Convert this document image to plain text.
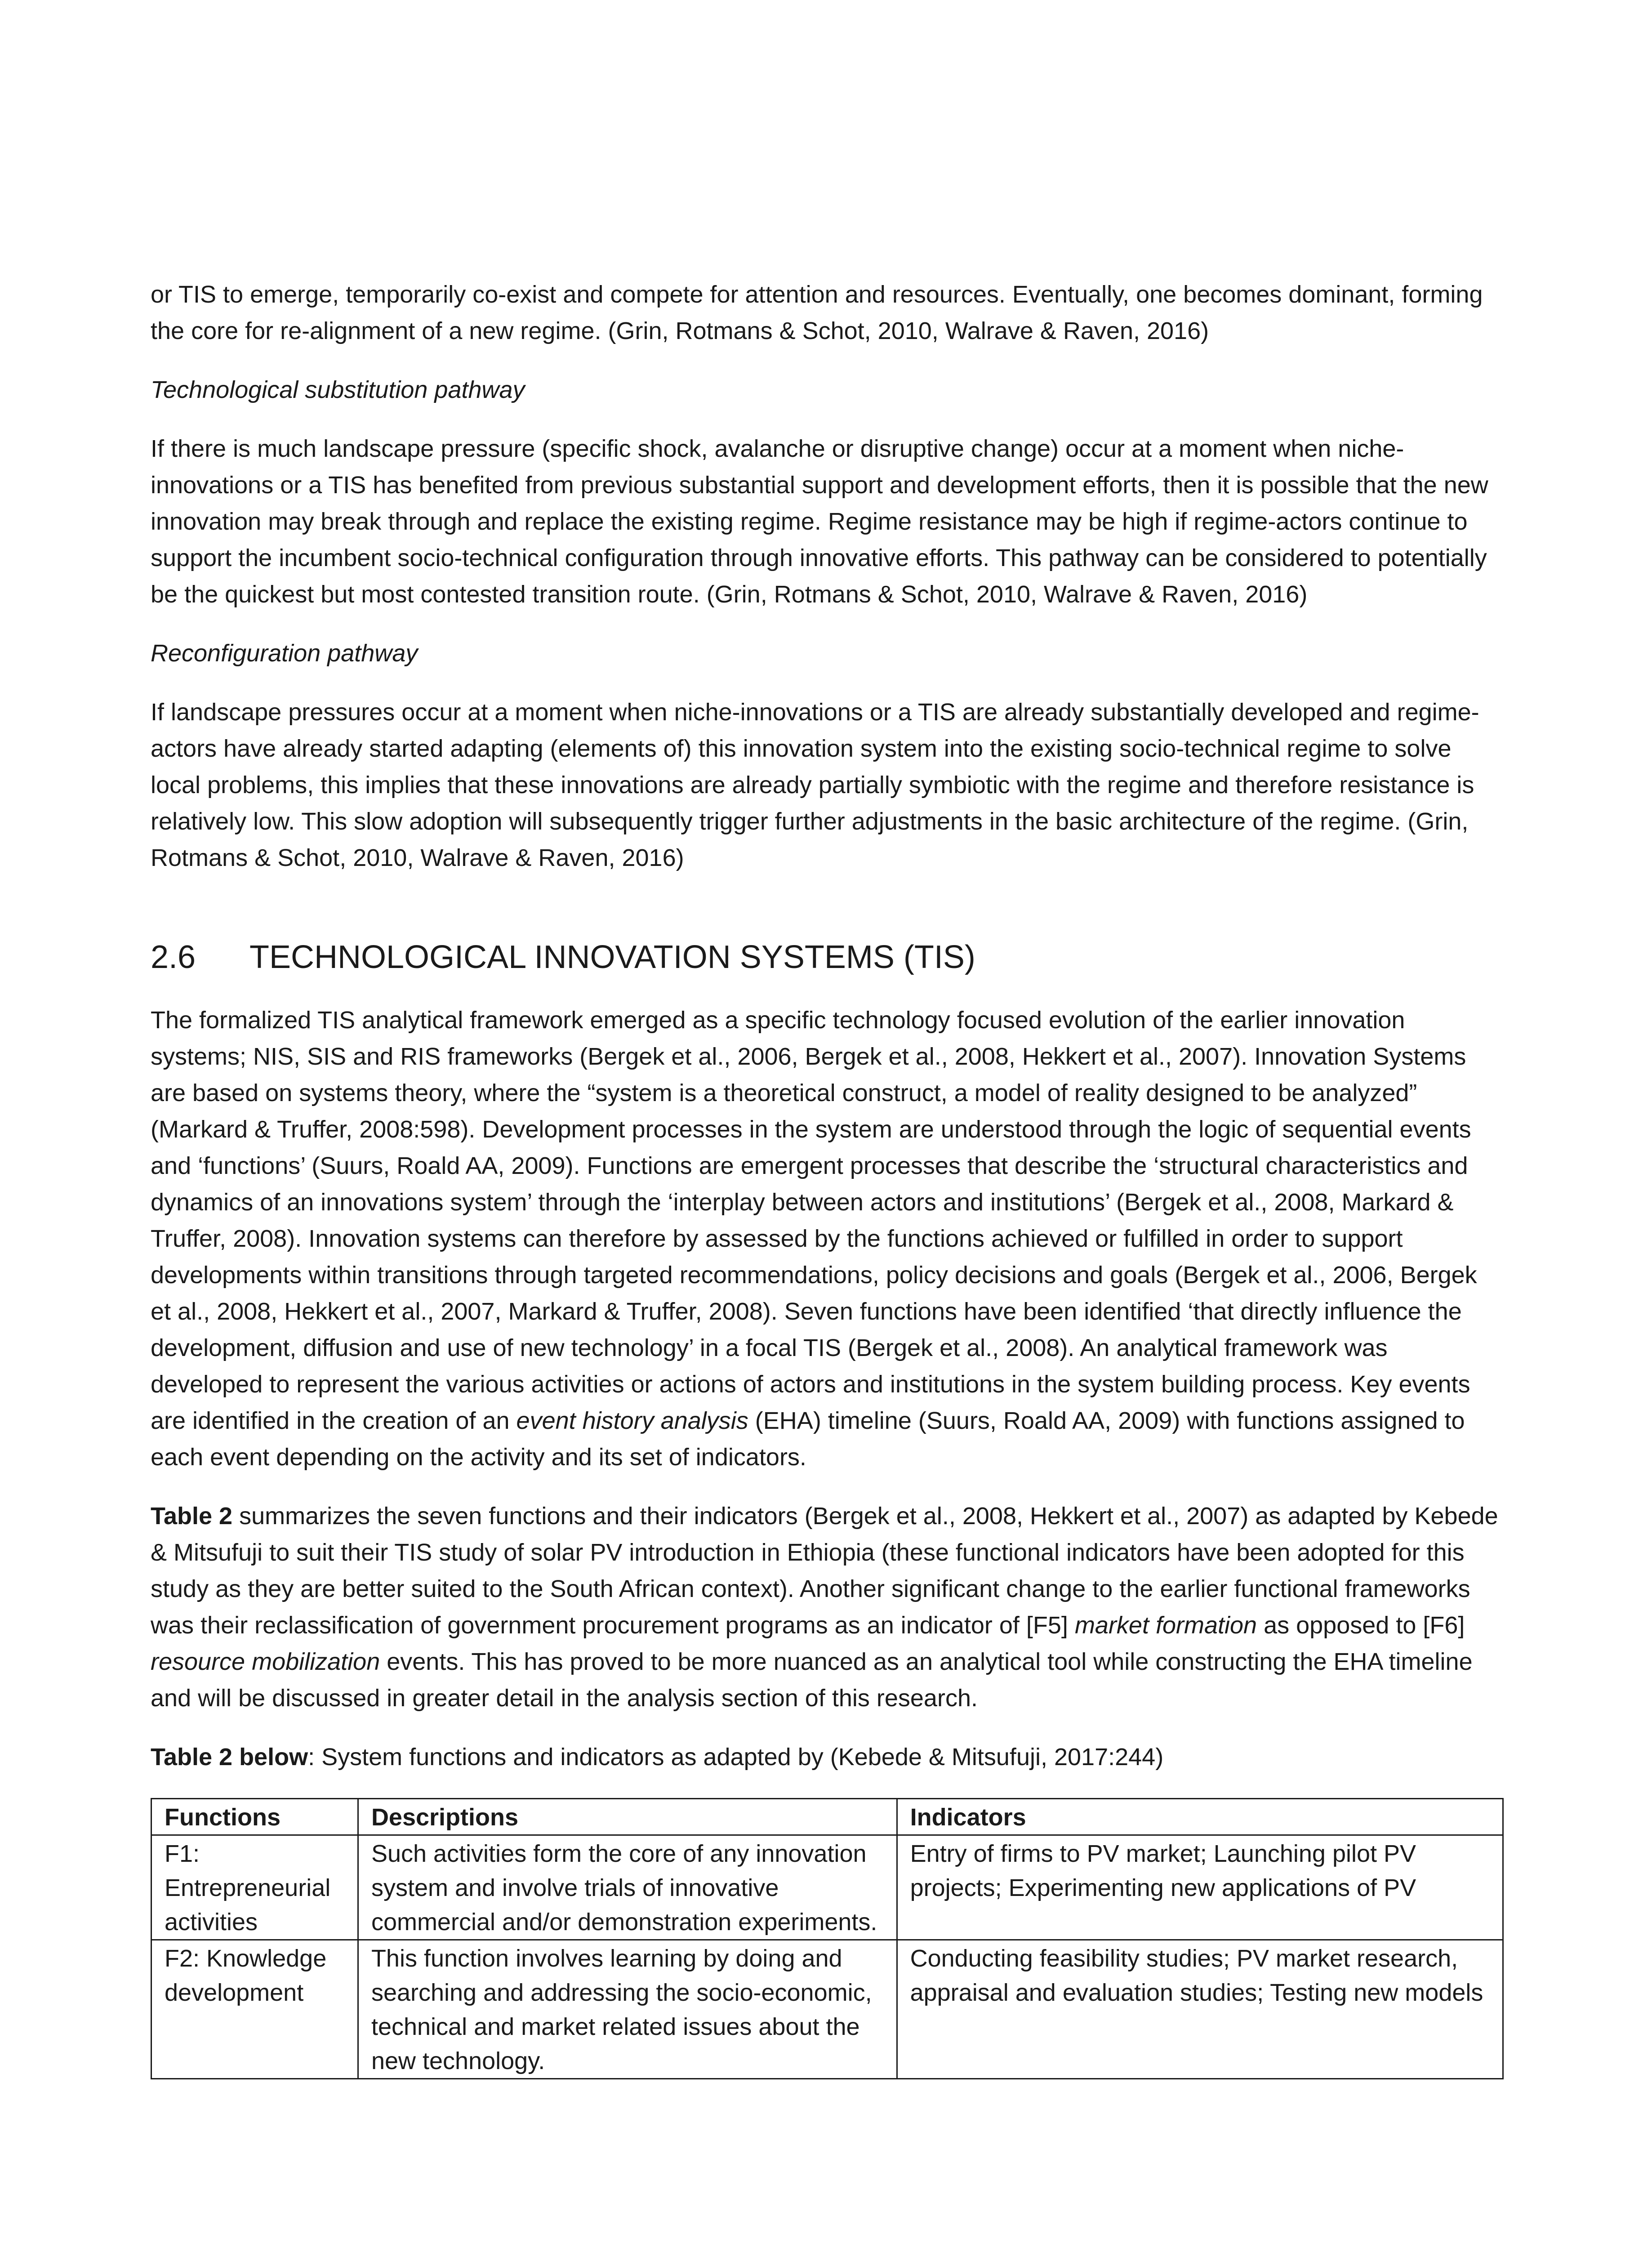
or TIS to emerge, temporarily co-exist and compete for attention and resources. Eventually, one becomes dominant, forming the core for re-alignment of a new regime. (Grin, Rotmans & Schot, 2010, Walrave & Raven, 2016)

Technological substitution pathway

If there is much landscape pressure (specific shock, avalanche or disruptive change) occur at a moment when niche-innovations or a TIS has benefited from previous substantial support and development efforts, then it is possible that the new innovation may break through and replace the existing regime. Regime resistance may be high if regime-actors continue to support the incumbent socio-technical configuration through innovative efforts. This pathway can be considered to potentially be the quickest but most contested transition route. (Grin, Rotmans & Schot, 2010, Walrave & Raven, 2016)

Reconfiguration pathway

If landscape pressures occur at a moment when niche-innovations or a TIS are already substantially developed and regime-actors have already started adapting (elements of) this innovation system into the existing socio-technical regime to solve local problems, this implies that these innovations are already partially symbiotic with the regime and therefore resistance is relatively low. This slow adoption will subsequently trigger further adjustments in the basic architecture of the regime. (Grin, Rotmans & Schot, 2010, Walrave & Raven, 2016)

2.6	TECHNOLOGICAL INNOVATION SYSTEMS (TIS)

The formalized TIS analytical framework emerged as a specific technology focused evolution of the earlier innovation systems; NIS, SIS and RIS frameworks (Bergek et al., 2006, Bergek et al., 2008, Hekkert et al., 2007). Innovation Systems are based on systems theory, where the “system is a theoretical construct, a model of reality designed to be analyzed” (Markard & Truffer, 2008:598). Development processes in the system are understood through the logic of sequential events and ‘functions’ (Suurs, Roald AA, 2009). Functions are emergent processes that describe the ‘structural characteristics and dynamics of an innovations system’ through the ‘interplay between actors and institutions’ (Bergek et al., 2008, Markard & Truffer, 2008). Innovation systems can therefore by assessed by the functions achieved or fulfilled in order to support developments within transitions through targeted recommendations, policy decisions and goals (Bergek et al., 2006, Bergek et al., 2008, Hekkert et al., 2007, Markard & Truffer, 2008). Seven functions have been identified ‘that directly influence the development, diffusion and use of new technology’ in a focal TIS (Bergek et al., 2008). An analytical framework was developed to represent the various activities or actions of actors and institutions in the system building process. Key events are identified in the creation of an event history analysis (EHA) timeline (Suurs, Roald AA, 2009) with functions assigned to each event depending on the activity and its set of indicators.

Table 2 summarizes the seven functions and their indicators (Bergek et al., 2008, Hekkert et al., 2007) as adapted by Kebede & Mitsufuji to suit their TIS study of solar PV introduction in Ethiopia (these functional indicators have been adopted for this study as they are better suited to the South African context). Another significant change to the earlier functional frameworks was their reclassification of government procurement programs as an indicator of [F5] market formation as opposed to [F6] resource mobilization events. This has proved to be more nuanced as an analytical tool while constructing the EHA timeline and will be discussed in greater detail in the analysis section of this research.

Table 2 below: System functions and indicators as adapted by (Kebede & Mitsufuji, 2017:244)

Functions	Descriptions	Indicators
F1: Entrepreneurial activities	Such activities form the core of any innovation system and involve trials of innovative commercial and/or demonstration experiments.	Entry of firms to PV market; Launching pilot PV projects; Experimenting new applications of PV
F2: Knowledge development	This function involves learning by doing and searching and addressing the socio-economic, technical and market related issues about the new technology.	Conducting feasibility studies; PV market research, appraisal and evaluation studies; Testing new models
